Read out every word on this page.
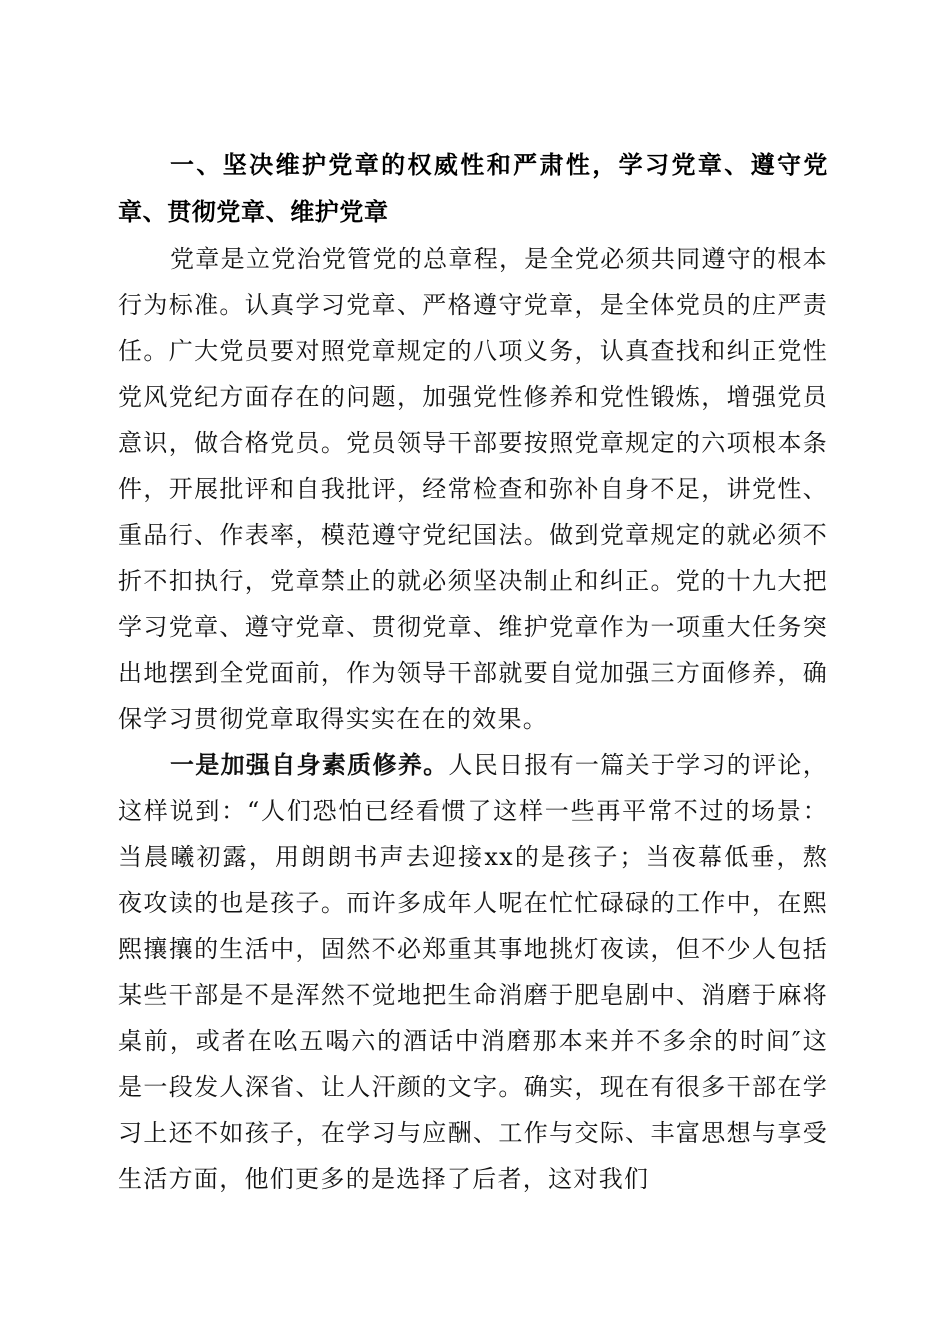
一、坚决维护党章的权威性和严肃性，学习党章、遵守党章、贯彻党章、维护党章

党章是立党治党管党的总章程，是全党必须共同遵守的根本行为标准。认真学习党章、严格遵守党章，是全体党员的庄严责任。广大党员要对照党章规定的八项义务，认真查找和纠正党性党风党纪方面存在的问题，加强党性修养和党性锻炼，增强党员意识，做合格党员。党员领导干部要按照党章规定的六项根本条件，开展批评和自我批评，经常检查和弥补自身不足，讲党性、重品行、作表率，模范遵守党纪国法。做到党章规定的就必须不折不扣执行，党章禁止的就必须坚决制止和纠正。党的十九大把学习党章、遵守党章、贯彻党章、维护党章作为一项重大任务突出地摆到全党面前，作为领导干部就要自觉加强三方面修养，确保学习贯彻党章取得实实在在的效果。

一是加强自身素质修养。人民日报有一篇关于学习的评论，这样说到：“人们恐怕已经看惯了这样一些再平常不过的场景：当晨曦初露，用朗朗书声去迎接xx的是孩子；当夜幕低垂，熬夜攻读的也是孩子。而许多成年人呢在忙忙碌碌的工作中，在熙熙攘攘的生活中，固然不必郑重其事地挑灯夜读，但不少人包括某些干部是不是浑然不觉地把生命消磨于肥皂剧中、消磨于麻将桌前，或者在吆五喝六的酒话中消磨那本来并不多余的时间″这是一段发人深省、让人汗颜的文字。确实，现在有很多干部在学习上还不如孩子，在学习与应酬、工作与交际、丰富思想与享受生活方面，他们更多的是选择了后者，这对我们
